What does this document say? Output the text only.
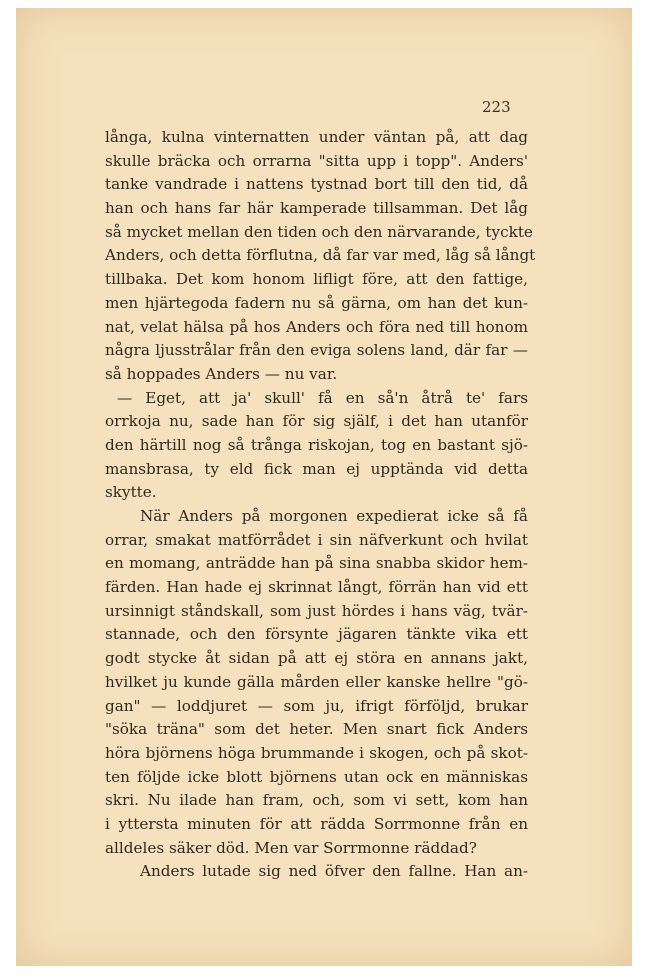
223
långa, kulna vinternatten under väntan på, att dag
skulle bräcka och orrarna "sitta upp i topp". Anders'
tanke vandrade i nattens tystnad bort till den tid, då
han och hans far här kamperade tillsamman. Det låg
så mycket mellan den tiden och den närvarande, tyckte
Anders, och detta förflutna, då far var med, låg så långt
tillbaka. Det kom honom lifligt före, att den fattige,
men hjärtegoda fadern nu så gärna, om han det kun-
nat, velat hälsa på hos Anders och föra ned till honom
några ljusstrålar från den eviga solens land, där far —
så hoppades Anders — nu var.
— Eget, att ja' skull' få en så'n åtrå te' fars
orrkoja nu, sade han för sig själf, i det han utanför
den härtill nog så trånga riskojan, tog en bastant sjö-
mansbrasa, ty eld fick man ej upptända vid detta
skytte.
När Anders på morgonen expedierat icke så få
orrar, smakat matförrådet i sin näfverkunt och hvilat
en momang, anträdde han på sina snabba skidor hem-
färden. Han hade ej skrinnat långt, förrän han vid ett
ursinnigt ståndskall, som just hördes i hans väg, tvär-
stannade, och den försynte jägaren tänkte vika ett
godt stycke åt sidan på att ej störa en annans jakt,
hvilket ju kunde gälla mården eller kanske hellre "gö-
gan" — loddjuret — som ju, ifrigt förföljd, brukar
"söka träna" som det heter. Men snart fick Anders
höra björnens höga brummande i skogen, och på skot-
ten följde icke blott björnens utan ock en människas
skri. Nu ilade han fram, och, som vi sett, kom han
i yttersta minuten för att rädda Sorrmonne från en
alldeles säker död. Men var Sorrmonne räddad?
Anders lutade sig ned öfver den fallne. Han an-
